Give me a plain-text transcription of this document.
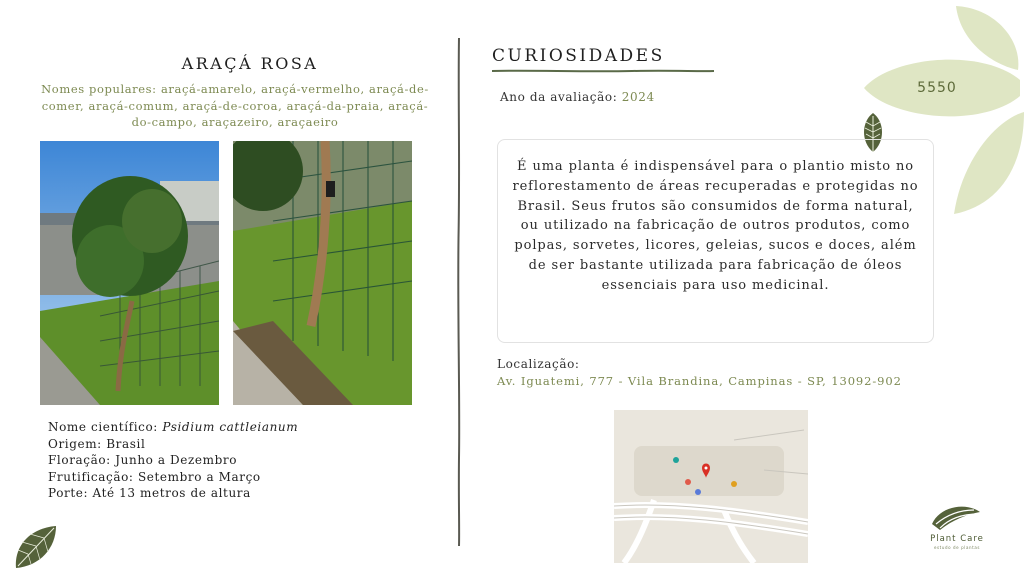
5550
ARAÇÁ ROSA
Nomes populares: araçá-amarelo, araçá-vermelho, araçá-de-comer, araçá-comum, araçá-de-coroa, araçá-da-praia, araçá-do-campo, araçazeiro, araçaeiro
Nome científico: Psidium cattleianum
Origem: Brasil
Floração: Junho a Dezembro
Frutificação: Setembro a Março
Porte: Até 13 metros de altura
CURIOSIDADES
Ano da avaliação: 2024
É uma planta é indispensável para o plantio misto no reflorestamento de áreas recuperadas e protegidas no Brasil. Seus frutos são consumidos de forma natural, ou utilizado na fabricação de outros produtos, como polpas, sorvetes, licores, geleias, sucos e doces, além de ser bastante utilizada para fabricação de óleos essenciais para uso medicinal.
Localização:
Av. Iguatemi, 777 - Vila Brandina, Campinas - SP, 13092-902
Plant Care
estudo de plantas
